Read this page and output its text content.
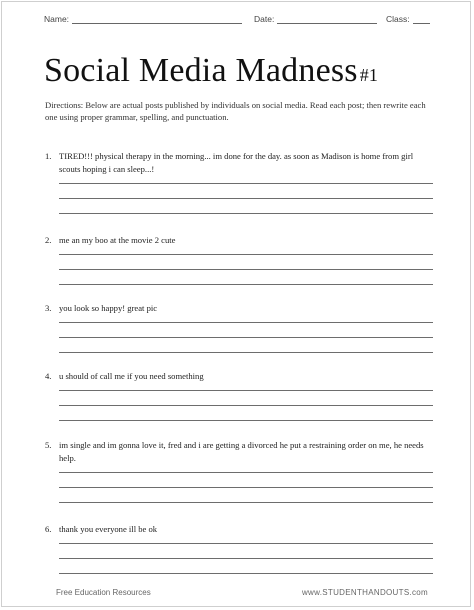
Name:	Date:	Class:
Social Media Madness #1
Directions: Below are actual posts published by individuals on social media. Read each post; then rewrite each one using proper grammar, spelling, and punctuation.
1. TIRED!!! physical therapy in the morning... im done for the day. as soon as Madison is home from girl scouts hoping i can sleep...!
2. me an my boo at the movie 2 cute
3. you look so happy! great pic
4. u should of call me if you need something
5. im single and im gonna love it, fred and i are getting a divorced he put a restraining order on me, he needs help.
6. thank you everyone ill be ok
Free Education Resources	www.STUDENTHANDOUTS.com
